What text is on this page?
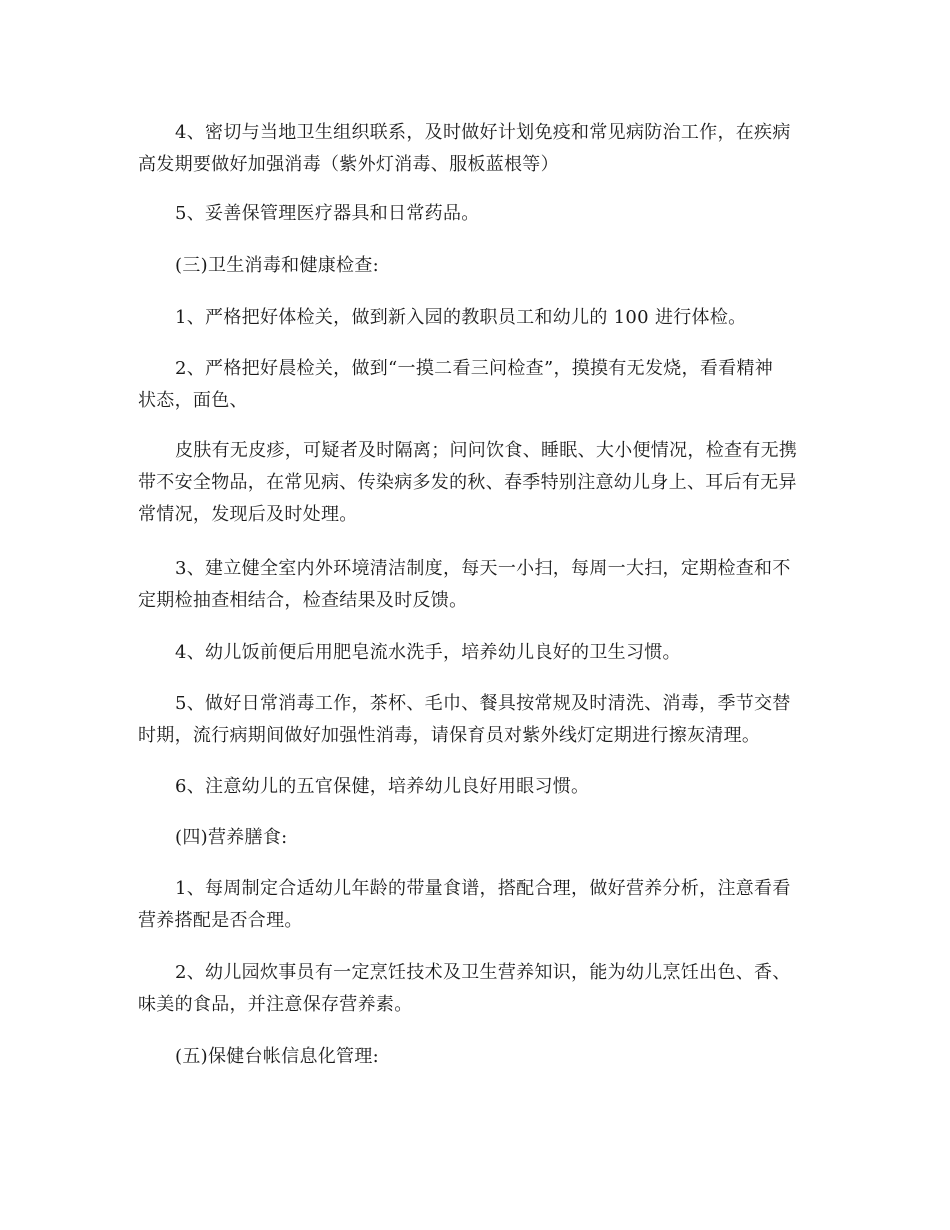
4、密切与当地卫生组织联系，及时做好计划免疫和常见病防治工作，在疾病
高发期要做好加强消毒（紫外灯消毒、服板蓝根等）
5、妥善保管理医疗器具和日常药品。
(三)卫生消毒和健康检查:
1、严格把好体检关，做到新入园的教职员工和幼儿的 100 进行体检。
2、严格把好晨检关，做到“一摸二看三问检查”，摸摸有无发烧，看看精神
状态，面色、
皮肤有无皮疹，可疑者及时隔离；问问饮食、睡眠、大小便情况，检查有无携
带不安全物品，在常见病、传染病多发的秋、春季特别注意幼儿身上、耳后有无异
常情况，发现后及时处理。
3、建立健全室内外环境清洁制度，每天一小扫，每周一大扫，定期检查和不
定期检抽查相结合，检查结果及时反馈。
4、幼儿饭前便后用肥皂流水洗手，培养幼儿良好的卫生习惯。
5、做好日常消毒工作，茶杯、毛巾、餐具按常规及时清洗、消毒，季节交替
时期，流行病期间做好加强性消毒，请保育员对紫外线灯定期进行擦灰清理。
6、注意幼儿的五官保健，培养幼儿良好用眼习惯。
(四)营养膳食:
1、每周制定合适幼儿年龄的带量食谱，搭配合理，做好营养分析，注意看看
营养搭配是否合理。
2、幼儿园炊事员有一定烹饪技术及卫生营养知识，能为幼儿烹饪出色、香、
味美的食品，并注意保存营养素。
(五)保健台帐信息化管理:
